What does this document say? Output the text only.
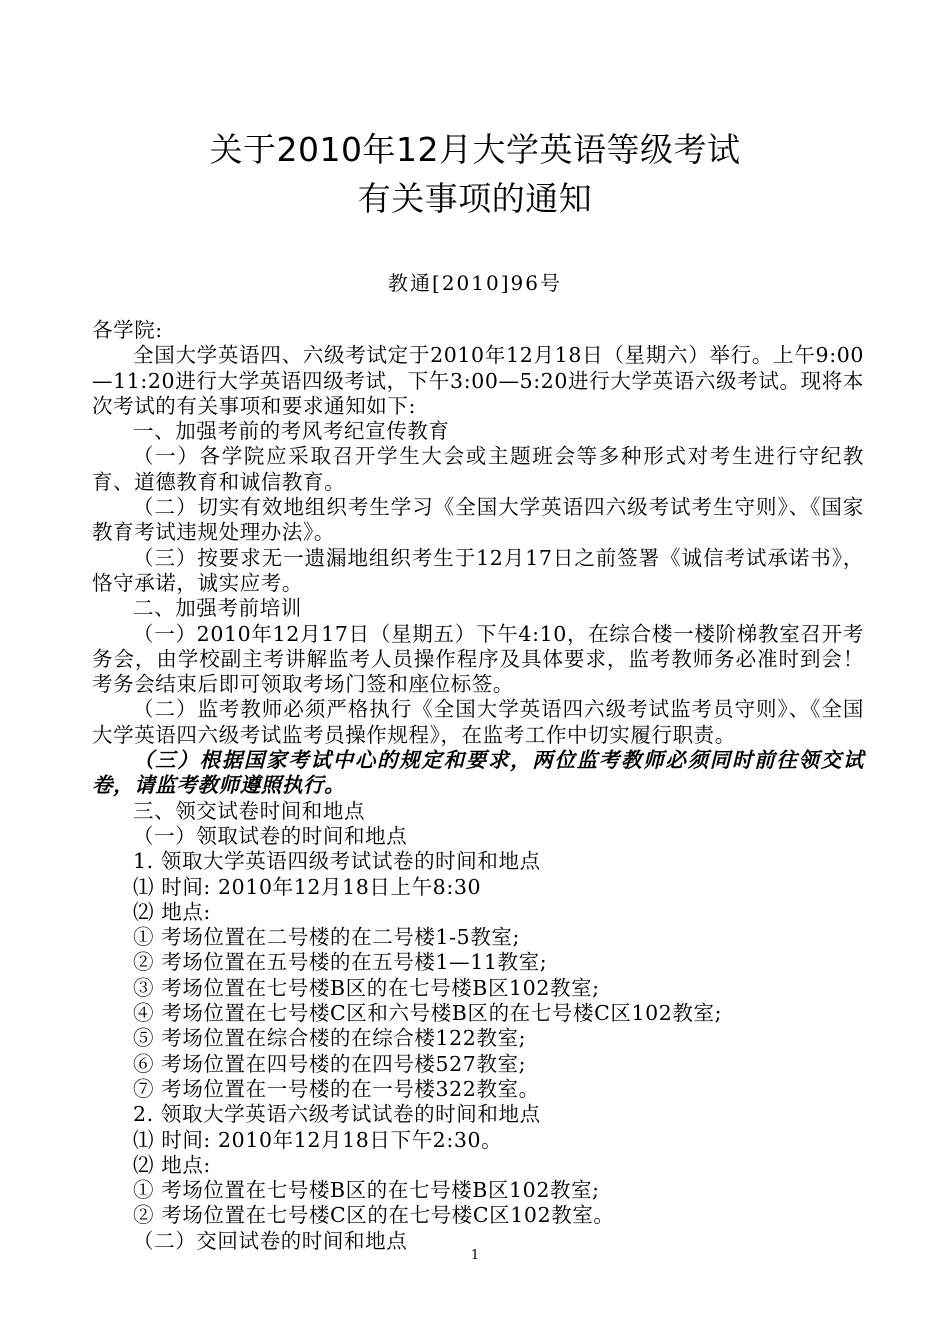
关于2010年12月大学英语等级考试
有关事项的通知
教通[2010]96号

各学院:

全国大学英语四、六级考试定于2010年12月18日（星期六）举行。上午9:00—11:20进行大学英语四级考试，下午3:00—5:20进行大学英语六级考试。现将本次考试的有关事项和要求通知如下:

一、加强考前的考风考纪宣传教育

（一）各学院应采取召开学生大会或主题班会等多种形式对考生进行守纪教育、道德教育和诚信教育。

（二）切实有效地组织考生学习《全国大学英语四六级考试考生守则》、《国家教育考试违规处理办法》。

（三）按要求无一遗漏地组织考生于12月17日之前签署《诚信考试承诺书》，恪守承诺，诚实应考。

二、加强考前培训

（一）2010年12月17日（星期五）下午4:10，在综合楼一楼阶梯教室召开考务会，由学校副主考讲解监考人员操作程序及具体要求，监考教师务必准时到会！考务会结束后即可领取考场门签和座位标签。

（二）监考教师必须严格执行《全国大学英语四六级考试监考员守则》、《全国大学英语四六级考试监考员操作规程》，在监考工作中切实履行职责。

（三）根据国家考试中心的规定和要求，两位监考教师必须同时前往领交试卷，请监考教师遵照执行。

三、领交试卷时间和地点

（一）领取试卷的时间和地点

1. 领取大学英语四级考试试卷的时间和地点

⑴ 时间: 2010年12月18日上午8:30

⑵ 地点:

① 考场位置在二号楼的在二号楼1-5教室;

② 考场位置在五号楼的在五号楼1—11教室;

③ 考场位置在七号楼B区的在七号楼B区102教室;

④ 考场位置在七号楼C区和六号楼B区的在七号楼C区102教室;

⑤ 考场位置在综合楼的在综合楼122教室;

⑥ 考场位置在四号楼的在四号楼527教室;

⑦ 考场位置在一号楼的在一号楼322教室。

2. 领取大学英语六级考试试卷的时间和地点

⑴ 时间: 2010年12月18日下午2:30。

⑵ 地点:

① 考场位置在七号楼B区的在七号楼B区102教室;

② 考场位置在七号楼C区的在七号楼C区102教室。

（二）交回试卷的时间和地点

1
